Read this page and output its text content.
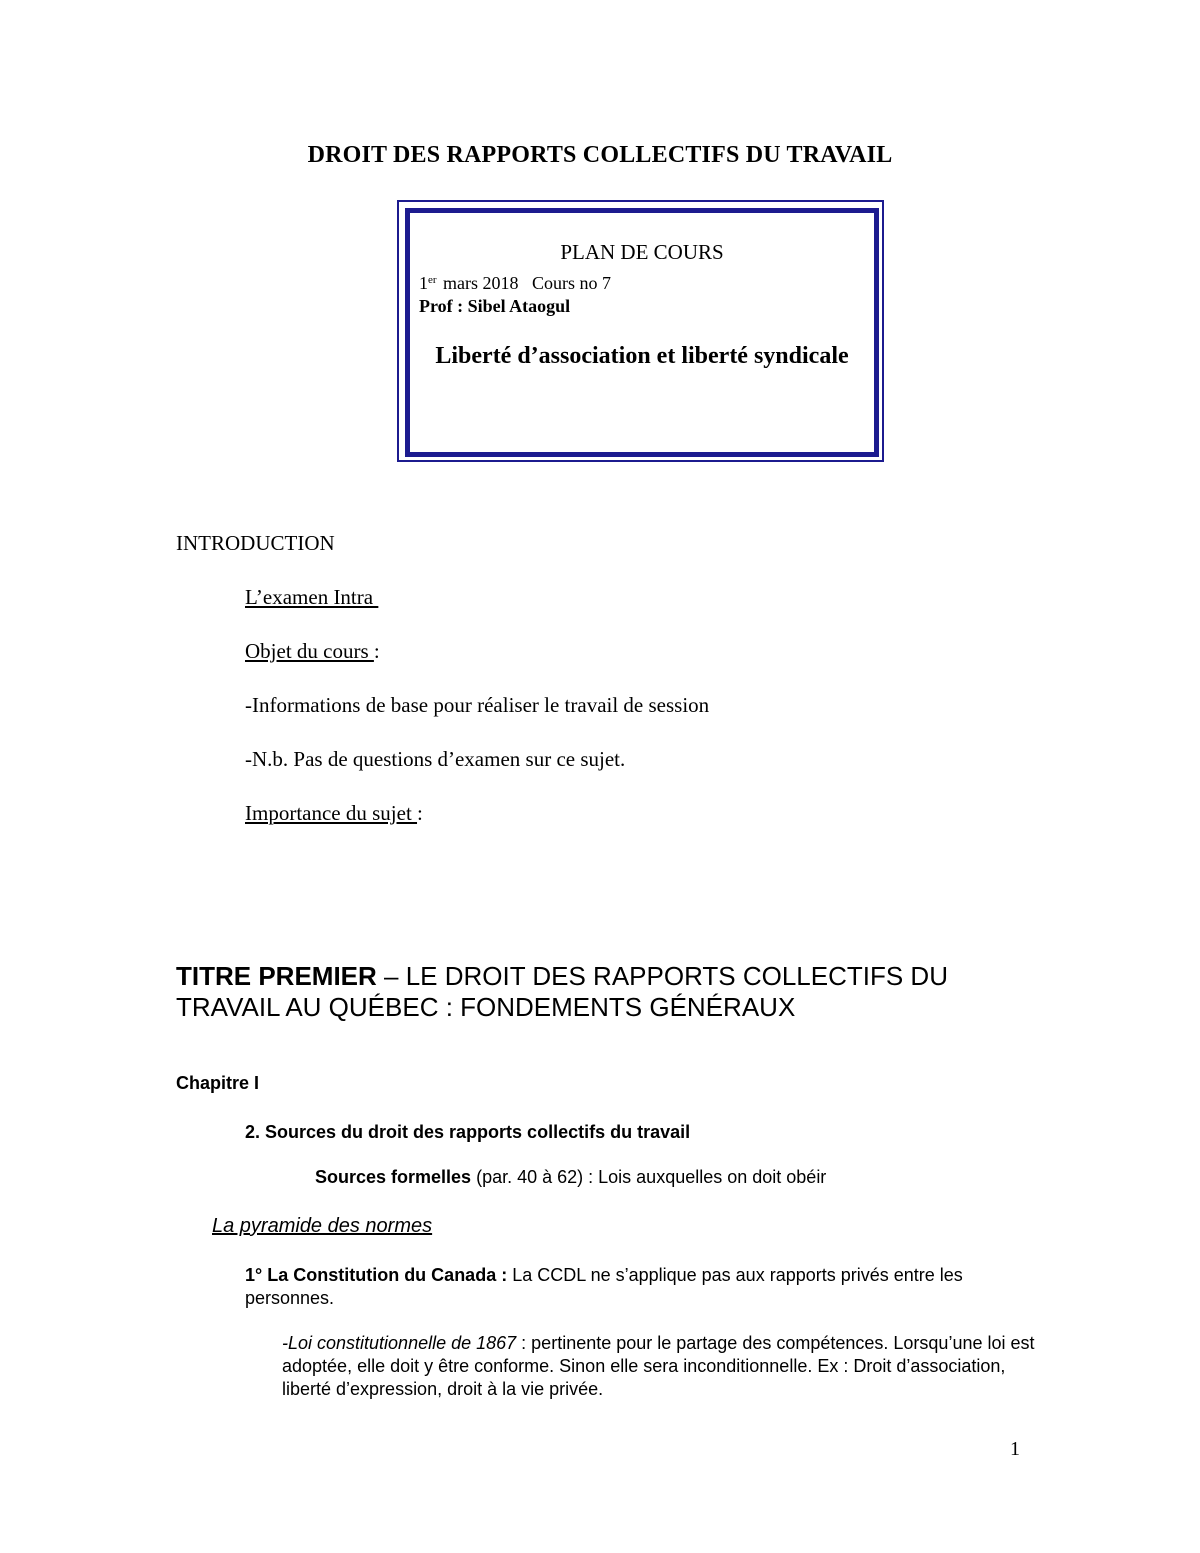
DROIT DES RAPPORTS COLLECTIFS DU TRAVAIL
PLAN DE COURS
1er mars 2018   Cours no 7
Prof : Sibel Ataogul
Liberté d’association et liberté syndicale
INTRODUCTION
L’examen Intra
Objet du cours :
-Informations de base pour réaliser le travail de session
-N.b. Pas de questions d’examen sur ce sujet.
Importance du sujet :
TITRE PREMIER – LE DROIT DES RAPPORTS COLLECTIFS DU TRAVAIL AU QUÉBEC : FONDEMENTS GÉNÉRAUX
Chapitre I
2. Sources du droit des rapports collectifs du travail
Sources formelles (par. 40 à 62) : Lois auxquelles on doit obéir
La pyramide des normes
1° La Constitution du Canada : La CCDL ne s’applique pas aux rapports privés entre les personnes.
-Loi constitutionnelle de 1867 : pertinente pour le partage des compétences. Lorsqu’une loi est adoptée, elle doit y être conforme. Sinon elle sera inconditionnelle. Ex : Droit d’association, liberté d’expression, droit à la vie privée.
1
